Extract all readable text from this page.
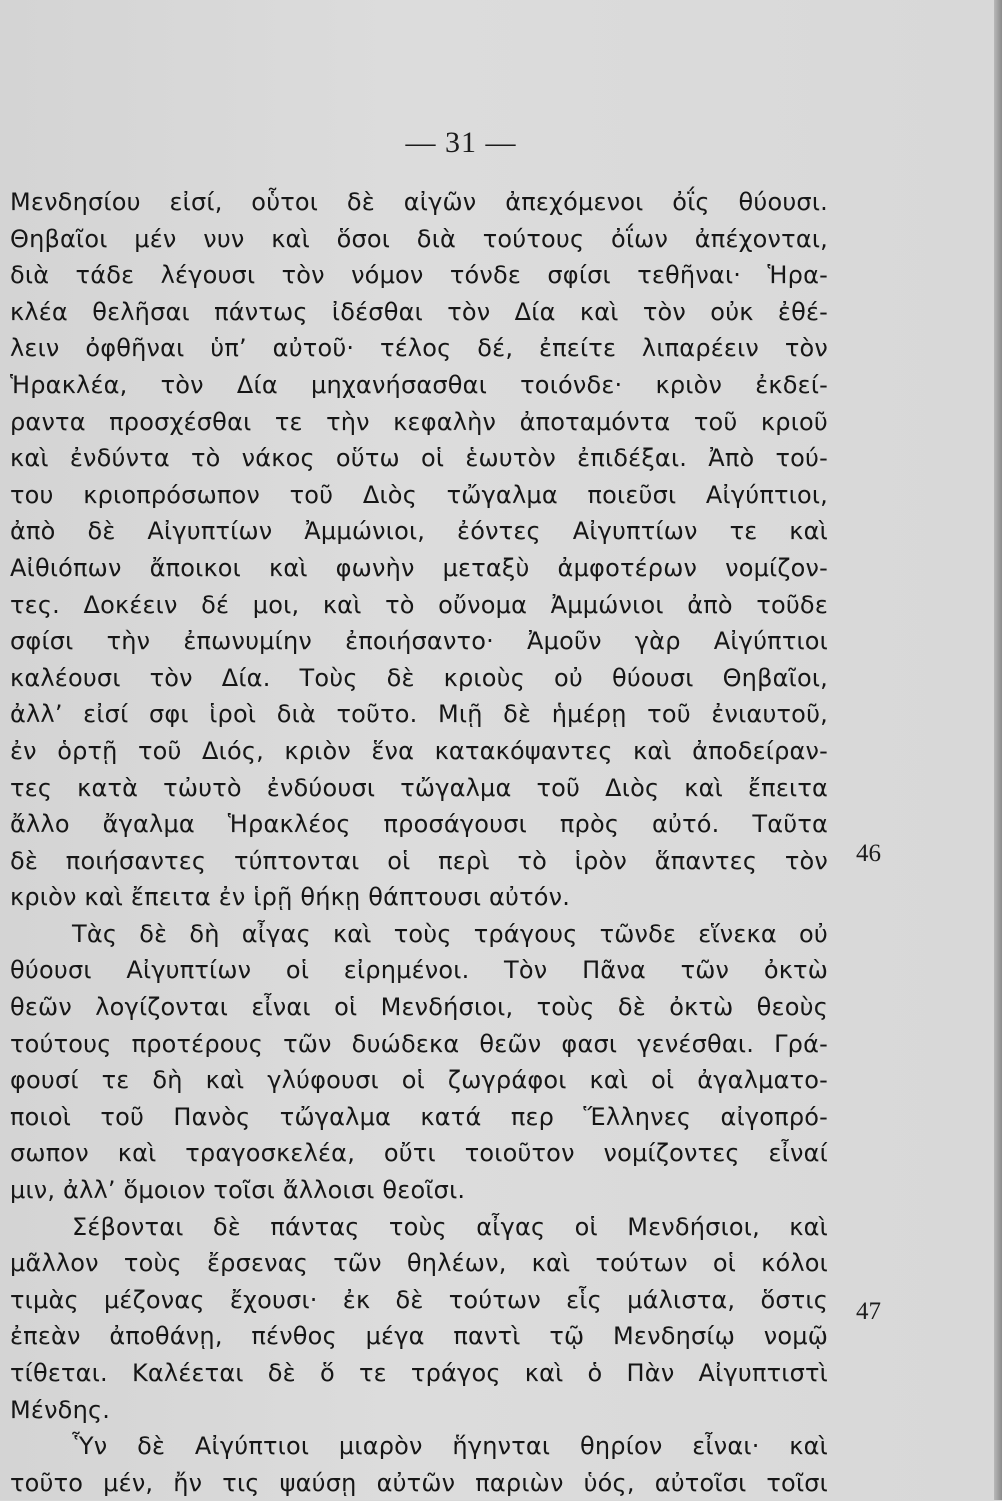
— 31 —
Μενδησίου εἰσί, οὗτοι δὲ αἰγῶν ἀπεχόμενοι ὀΐς θύουσι.
Θηβαῖοι μέν νυν καὶ ὅσοι διὰ τούτους ὀΐων ἀπέχονται,
διὰ τάδε λέγουσι τὸν νόμον τόνδε σφίσι τεθῆναι· Ἡρα-
κλέα θελῆσαι πάντως ἰδέσθαι τὸν Δία καὶ τὸν οὐκ ἐθέ-
λειν ὀφθῆναι ὑπ’ αὐτοῦ· τέλος δέ, ἐπείτε λιπαρέειν τὸν
Ἡρακλέα, τὸν Δία μηχανήσασθαι τοιόνδε· κριὸν ἐκδεί-
ραντα προσχέσθαι τε τὴν κεφαλὴν ἀποταμόντα τοῦ κριοῦ
καὶ ἐνδύντα τὸ νάκος οὕτω οἱ ἑωυτὸν ἐπιδέξαι. Ἀπὸ τού-
του κριοπρόσωπον τοῦ Διὸς τὤγαλμα ποιεῦσι Αἰγύπτιοι,
ἀπὸ δὲ Αἰγυπτίων Ἀμμώνιοι, ἐόντες Αἰγυπτίων τε καὶ
Αἰθιόπων ἄποικοι καὶ φωνὴν μεταξὺ ἀμφοτέρων νομίζον-
τες. Δοκέειν δέ μοι, καὶ τὸ οὔνομα Ἀμμώνιοι ἀπὸ τοῦδε
σφίσι τὴν ἐπωνυμίην ἐποιήσαντο· Ἀμοῦν γὰρ Αἰγύπτιοι
καλέουσι τὸν Δία. Τοὺς δὲ κριοὺς οὐ θύουσι Θηβαῖοι,
ἀλλ’ εἰσί σφι ἱροὶ διὰ τοῦτο. Μιῇ δὲ ἡμέρῃ τοῦ ἐνιαυτοῦ,
ἐν ὁρτῇ τοῦ Διός, κριὸν ἕνα κατακόψαντες καὶ ἀποδείραν-
τες κατὰ τὠυτὸ ἐνδύουσι τὤγαλμα τοῦ Διὸς καὶ ἔπειτα
ἄλλο ἄγαλμα Ἡρακλέος προσάγουσι πρὸς αὐτό. Ταῦτα
δὲ ποιήσαντες τύπτονται οἱ περὶ τὸ ἱρὸν ἅπαντες τὸν
κριὸν καὶ ἔπειτα ἐν ἱρῇ θήκῃ θάπτουσι αὐτόν.
Τὰς δὲ δὴ αἶγας καὶ τοὺς τράγους τῶνδε εἵνεκα οὐ
θύουσι Αἰγυπτίων οἱ εἰρημένοι. Τὸν Πᾶνα τῶν ὀκτὼ
θεῶν λογίζονται εἶναι οἱ Μενδήσιοι, τοὺς δὲ ὀκτὼ θεοὺς
τούτους προτέρους τῶν δυώδεκα θεῶν φασι γενέσθαι. Γρά-
φουσί τε δὴ καὶ γλύφουσι οἱ ζωγράφοι καὶ οἱ ἀγαλματο-
ποιοὶ τοῦ Πανὸς τὤγαλμα κατά περ Ἕλληνες αἰγοπρό-
σωπον καὶ τραγοσκελέα, οὔτι τοιοῦτον νομίζοντες εἶναί
μιν, ἀλλ’ ὅμοιον τοῖσι ἄλλοισι θεοῖσι.
Σέβονται δὲ πάντας τοὺς αἶγας οἱ Μενδήσιοι, καὶ
μᾶλλον τοὺς ἔρσενας τῶν θηλέων, καὶ τούτων οἱ κόλοι
τιμὰς μέζονας ἔχουσι· ἐκ δὲ τούτων εἷς μάλιστα, ὅστις
ἐπεὰν ἀποθάνῃ, πένθος μέγα παντὶ τῷ Μενδησίῳ νομῷ
τίθεται. Καλέεται δὲ ὅ τε τράγος καὶ ὁ Πὰν Αἰγυπτιστὶ
Μένδης.
Ὗν δὲ Αἰγύπτιοι μιαρὸν ἥγηνται θηρίον εἶναι· καὶ
τοῦτο μέν, ἤν τις ψαύσῃ αὐτῶν παριὼν ὑός, αὐτοῖσι τοῖσι
46
47
